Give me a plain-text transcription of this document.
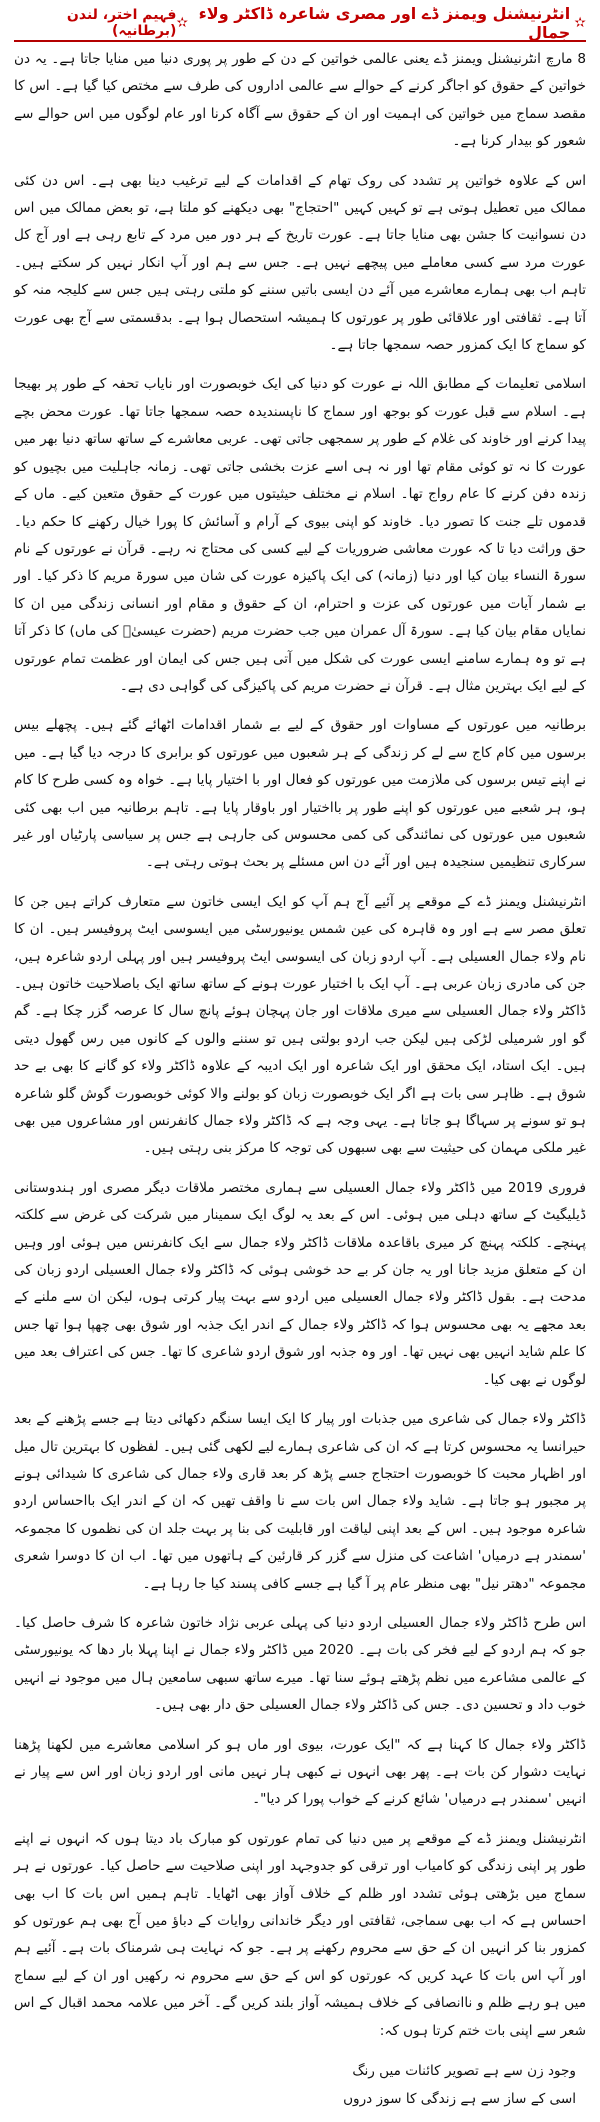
✫
انٹرنیشنل ویمنز ڈے اور مصری شاعرہ ڈاکٹر ولاء جمال
✫
فہیم اختر، لندن (برطانیہ)

8 مارچ انٹرنیشنل ویمنز ڈے یعنی عالمی خواتین کے دن کے طور پر پوری دنیا میں منایا جاتا ہے۔ یہ دن خواتین کے حقوق کو اجاگر کرنے کے حوالے سے عالمی اداروں کی طرف سے مختص کیا گیا ہے۔ اس کا مقصد سماج میں خواتین کی اہمیت اور ان کے حقوق سے آگاہ کرنا اور عام لوگوں میں اس حوالے سے شعور کو بیدار کرنا ہے۔

اس کے علاوہ خواتین پر تشدد کی روک تھام کے اقدامات کے لیے ترغیب دینا بھی ہے۔ اس دن کئی ممالک میں تعطیل ہوتی ہے تو کہیں کہیں "احتجاج" بھی دیکھنے کو ملتا ہے، تو بعض ممالک میں اس دن نسوانیت کا جشن بھی منایا جاتا ہے۔ عورت تاریخ کے ہر دور میں مرد کے تابع رہی ہے اور آج کل عورت مرد سے کسی معاملے میں پیچھے نہیں ہے۔ جس سے ہم اور آپ انکار نہیں کر سکتے ہیں۔ تاہم اب بھی ہمارے معاشرے میں آئے دن ایسی باتیں سننے کو ملتی رہتی ہیں جس سے کلیجہ منہ کو آتا ہے۔ ثقافتی اور علاقائی طور پر عورتوں کا ہمیشہ استحصال ہوا ہے۔ بدقسمتی سے آج بھی عورت کو سماج کا ایک کمزور حصہ سمجھا جاتا ہے۔

اسلامی تعلیمات کے مطابق اللہ نے عورت کو دنیا کی ایک خوبصورت اور نایاب تحفہ کے طور پر بھیجا ہے۔ اسلام سے قبل عورت کو بوجھ اور سماج کا ناپسندیدہ حصہ سمجھا جاتا تھا۔ عورت محض بچے پیدا کرنے اور خاوند کی غلام کے طور پر سمجھی جاتی تھی۔ عربی معاشرے کے ساتھ ساتھ دنیا بھر میں عورت کا نہ تو کوئی مقام تھا اور نہ ہی اسے عزت بخشی جاتی تھی۔ زمانہ جاہلیت میں بچیوں کو زندہ دفن کرنے کا عام رواج تھا۔ اسلام نے مختلف حیثیتوں میں عورت کے حقوق متعین کیے۔ ماں کے قدموں تلے جنت کا تصور دیا۔ خاوند کو اپنی بیوی کے آرام و آسائش کا پورا خیال رکھنے کا حکم دیا۔ حق وراثت دیا تا کہ عورت معاشی ضروریات کے لیے کسی کی محتاج نہ رہے۔ قرآن نے عورتوں کے نام سورۃ النساء بیان کیا اور دنیا (زمانہ) کی ایک پاکیزہ عورت کی شان میں سورۃ مریم کا ذکر کیا۔ اور بے شمار آیات میں عورتوں کی عزت و احترام، ان کے حقوق و مقام اور انسانی زندگی میں ان کا نمایاں مقام بیان کیا ہے۔ سورۃ آل عمران میں جب حضرت مریم (حضرت عیسیٰؑ کی ماں) کا ذکر آتا ہے تو وہ ہمارے سامنے ایسی عورت کی شکل میں آتی ہیں جس کی ایمان اور عظمت تمام عورتوں کے لیے ایک بہترین مثال ہے۔ قرآن نے حضرت مریم کی پاکیزگی کی گواہی دی ہے۔

برطانیہ میں عورتوں کے مساوات اور حقوق کے لیے بے شمار اقدامات اٹھائے گئے ہیں۔ پچھلے بیس برسوں میں کام کاج سے لے کر زندگی کے ہر شعبوں میں عورتوں کو برابری کا درجہ دیا گیا ہے۔ میں نے اپنے تیس برسوں کی ملازمت میں عورتوں کو فعال اور با اختیار پایا ہے۔ خواہ وہ کسی طرح کا کام ہو، ہر شعبے میں عورتوں کو اپنے طور پر بااختیار اور باوقار پایا ہے۔ تاہم برطانیہ میں اب بھی کئی شعبوں میں عورتوں کی نمائندگی کی کمی محسوس کی جارہی ہے جس پر سیاسی پارٹیاں اور غیر سرکاری تنظیمیں سنجیدہ ہیں اور آئے دن اس مسئلے پر بحث ہوتی رہتی ہے۔

انٹرنیشنل ویمنز ڈے کے موقعے پر آئیے آج ہم آپ کو ایک ایسی خاتون سے متعارف کراتے ہیں جن کا تعلق مصر سے ہے اور وہ قاہرہ کی عین شمس یونیورسٹی میں ایسوسی ایٹ پروفیسر ہیں۔ ان کا نام ولاء جمال العسیلی ہے۔ آپ اردو زبان کی ایسوسی ایٹ پروفیسر ہیں اور پہلی اردو شاعرہ ہیں، جن کی مادری زبان عربی ہے۔ آپ ایک با اختیار عورت ہونے کے ساتھ ساتھ ایک باصلاحیت خاتون ہیں۔ ڈاکٹر ولاء جمال العسیلی سے میری ملاقات اور جان پہچان ہوئے پانچ سال کا عرصہ گزر چکا ہے۔ گم گو اور شرمیلی لڑکی ہیں لیکن جب اردو بولتی ہیں تو سننے والوں کے کانوں میں رس گھول دیتی ہیں۔ ایک استاد، ایک محقق اور ایک شاعرہ اور ایک ادیبہ کے علاوہ ڈاکٹر ولاء کو گانے کا بھی بے حد شوق ہے۔ ظاہر سی بات ہے اگر ایک خوبصورت زبان کو بولنے والا کوئی خوبصورت گوش گلو شاعرہ ہو تو سونے پر سہاگا ہو جاتا ہے۔ یہی وجہ ہے کہ ڈاکٹر ولاء جمال کانفرنس اور مشاعروں میں بھی غیر ملکی مہمان کی حیثیت سے بھی سبھوں کی توجہ کا مرکز بنی رہتی ہیں۔

فروری 2019 میں ڈاکٹر ولاء جمال العسیلی سے ہماری مختصر ملاقات دیگر مصری اور ہندوستانی ڈیلیگیٹ کے ساتھ دہلی میں ہوئی۔ اس کے بعد یہ لوگ ایک سمینار میں شرکت کی غرض سے کلکتہ پہنچے۔ کلکتہ پہنچ کر میری باقاعدہ ملاقات ڈاکٹر ولاء جمال سے ایک کانفرنس میں ہوئی اور وہیں ان کے متعلق مزید جانا اور یہ جان کر بے حد خوشی ہوئی کہ ڈاکٹر ولاء جمال العسیلی اردو زبان کی مدحت ہے۔ بقول ڈاکٹر ولاء جمال العسیلی میں اردو سے بہت پیار کرتی ہوں، لیکن ان سے ملنے کے بعد مجھے یہ بھی محسوس ہوا کہ ڈاکٹر ولاء جمال کے اندر ایک جذبہ اور شوق بھی چھپا ہوا تھا جس کا علم شاید انہیں بھی نہیں تھا۔ اور وہ جذبہ اور شوق اردو شاعری کا تھا۔ جس کی اعتراف بعد میں لوگوں نے بھی کیا۔

ڈاکٹر ولاء جمال کی شاعری میں جذبات اور پیار کا ایک ایسا سنگم دکھائی دیتا ہے جسے پڑھنے کے بعد حیرانسا یہ محسوس کرتا ہے کہ ان کی شاعری ہمارے لیے لکھی گئی ہیں۔ لفظوں کا بہترین تال میل اور اظہار محبت کا خوبصورت احتجاج جسے پڑھ کر بعد قاری ولاء جمال کی شاعری کا شیدائی ہونے پر مجبور ہو جاتا ہے۔ شاید ولاء جمال اس بات سے نا واقف تھیں کہ ان کے اندر ایک بااحساس اردو شاعرہ موجود ہیں۔ اس کے بعد اپنی لیاقت اور قابلیت کی بنا پر بہت جلد ان کی نظموں کا مجموعہ 'سمندر ہے درمیاں' اشاعت کی منزل سے گزر کر قارئین کے ہاتھوں میں تھا۔ اب ان کا دوسرا شعری مجموعہ "دھتر نیل" بھی منظر عام پر آ گیا ہے جسے کافی پسند کیا جا رہا ہے۔

اس طرح ڈاکٹر ولاء جمال العسیلی اردو دنیا کی پہلی عربی نژاد خاتون شاعرہ کا شرف حاصل کیا۔ جو کہ ہم اردو کے لیے فخر کی بات ہے۔ 2020 میں ڈاکٹر ولاء جمال نے اپنا پہلا بار دھا کہ یونیورسٹی کے عالمی مشاعرے میں نظم پڑھتے ہوئے سنا تھا۔ میرے ساتھ سبھی سامعین ہال میں موجود نے انہیں خوب داد و تحسین دی۔ جس کی ڈاکٹر ولاء جمال العسیلی حق دار بھی ہیں۔

ڈاکٹر ولاء جمال کا کہنا ہے کہ "ایک عورت، بیوی اور ماں ہو کر اسلامی معاشرے میں لکھنا پڑھنا نہایت دشوار کن بات ہے۔ پھر بھی انہوں نے کبھی ہار نہیں مانی اور اردو زبان اور اس سے پیار نے انہیں 'سمندر ہے درمیاں' شائع کرنے کے خواب پورا کر دیا"۔

انٹرنیشنل ویمنز ڈے کے موقعے پر میں دنیا کی تمام عورتوں کو مبارک باد دیتا ہوں کہ انہوں نے اپنے طور پر اپنی زندگی کو کامیاب اور ترقی کو جدوجہد اور اپنی صلاحیت سے حاصل کیا۔ عورتوں نے ہر سماج میں بڑھتی ہوئی تشدد اور ظلم کے خلاف آواز بھی اٹھایا۔ تاہم ہمیں اس بات کا اب بھی احساس ہے کہ اب بھی سماجی، ثقافتی اور دیگر خاندانی روایات کے دباؤ میں آج بھی ہم عورتوں کو کمزور بنا کر انہیں ان کے حق سے محروم رکھنے پر ہے۔ جو کہ نہایت ہی شرمناک بات ہے۔ آئیے ہم اور آپ اس بات کا عہد کریں کہ عورتوں کو اس کے حق سے محروم نہ رکھیں اور ان کے لیے سماج میں ہو رہے ظلم و ناانصافی کے خلاف ہمیشہ آواز بلند کریں گے۔ آخر میں علامہ محمد اقبال کے اس شعر سے اپنی بات ختم کرتا ہوں کہ:

وجود زن سے ہے تصویر کائنات میں رنگ
اسی کے ساز سے ہے زندگی کا سوز دروں
